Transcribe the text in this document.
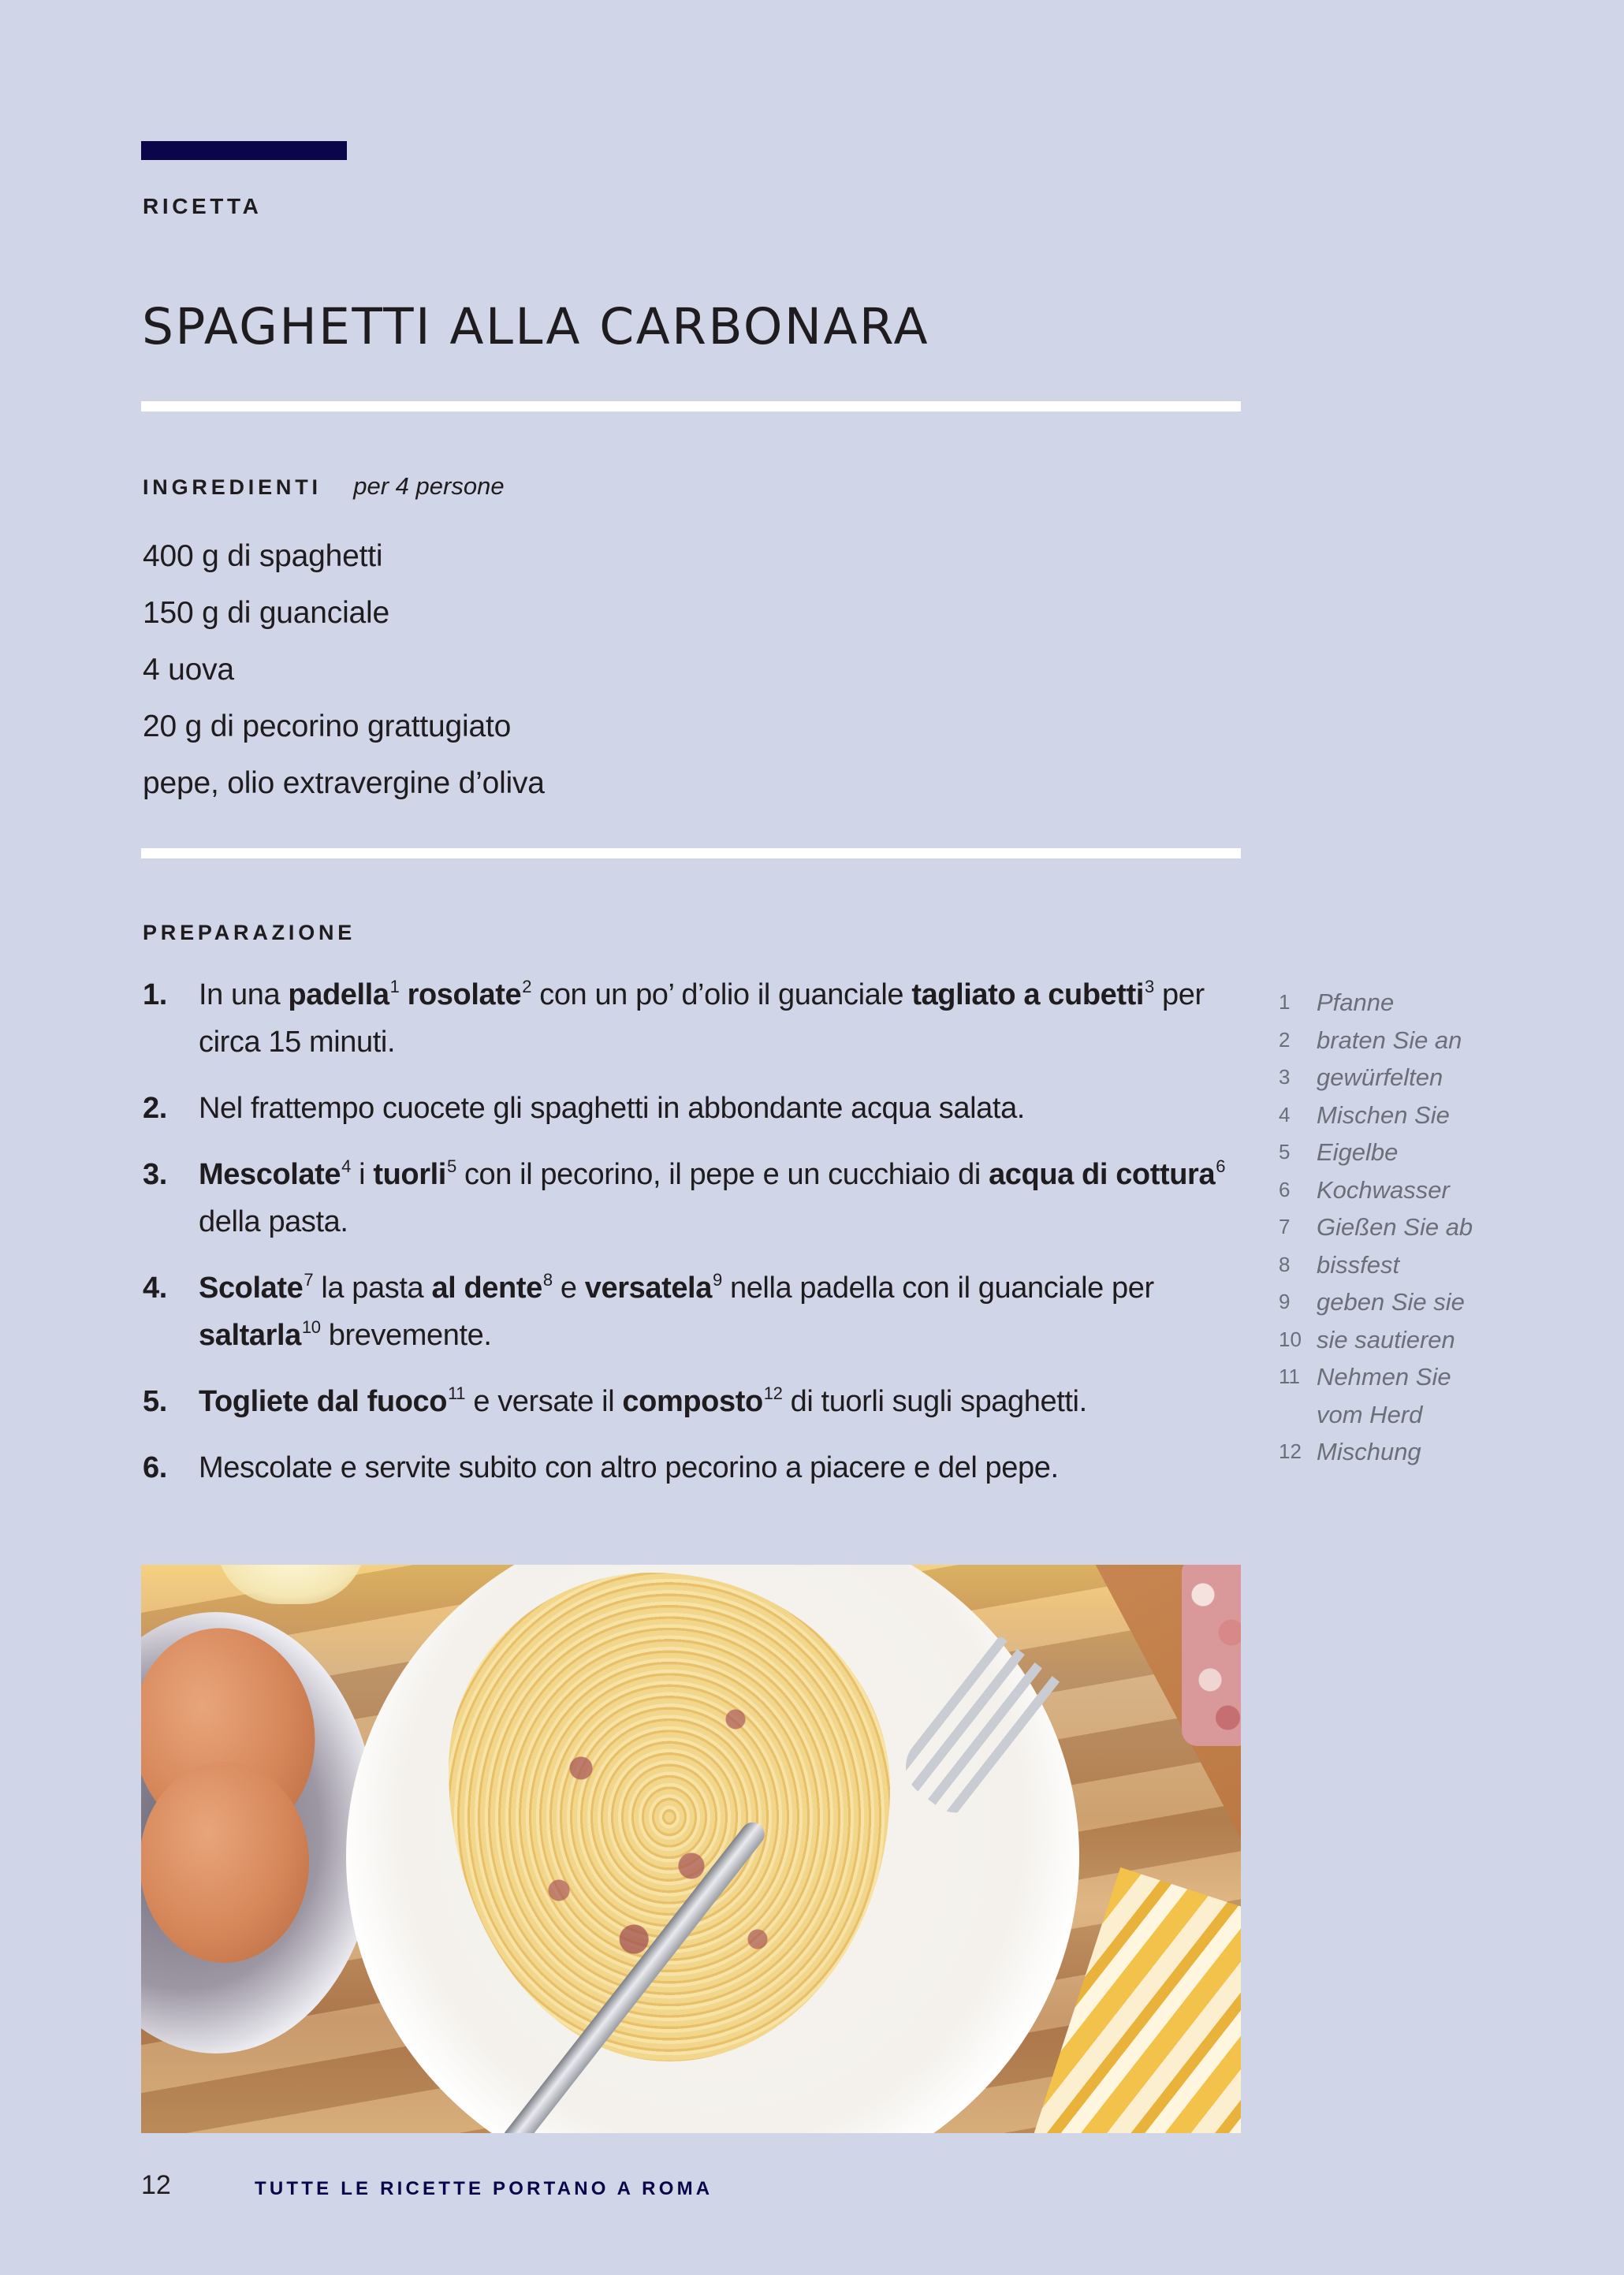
RICETTA
SPAGHETTI ALLA CARBONARA
INGREDIENTI per 4 persone
400 g di spaghetti
150 g di guanciale
4 uova
20 g di pecorino grattugiato
pepe, olio extravergine d’oliva
PREPARAZIONE
1. In una padella$^1$ rosolate$^2$ con un po’ d’olio il guanciale tagliato a cubetti$^3$ per circa 15 minuti.
2. Nel frattempo cuocete gli spaghetti in abbondante acqua salata.
3. Mescolate$^4$ i tuorli$^5$ con il pecorino, il pepe e un cucchiaio di acqua di cottura$^6$ della pasta.
4. Scolate$^7$ la pasta al dente$^8$ e versatela$^9$ nella padella con il guanciale per saltarla$^{10}$ brevemente.
5. Togliete dal fuoco$^{11}$ e versate il composto$^{12}$ di tuorli sugli spaghetti.
6. Mescolate e servite subito con altro pecorino a piacere e del pepe.
1 Pfanne
2 braten Sie an
3 gewürfelten
4 Mischen Sie
5 Eigelbe
6 Kochwasser
7 Gießen Sie ab
8 bissfest
9 geben Sie sie
10 sie sautieren
11 Nehmen Sie
vom Herd
12 Mischung
12	TUTTE LE RICETTE PORTANO A ROMA
